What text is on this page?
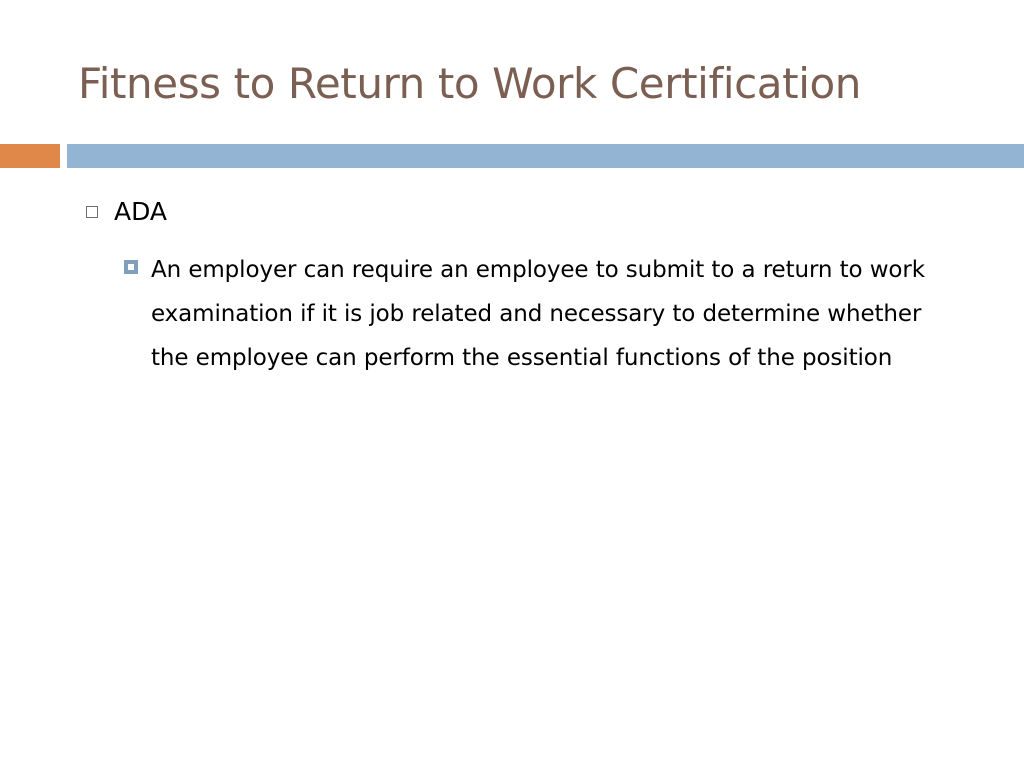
Fitness to Return to Work Certification
ADA

An employer can require an employee to submit to a return to work examination if it is job related and necessary to determine whether the employee can perform the essential functions of the position
